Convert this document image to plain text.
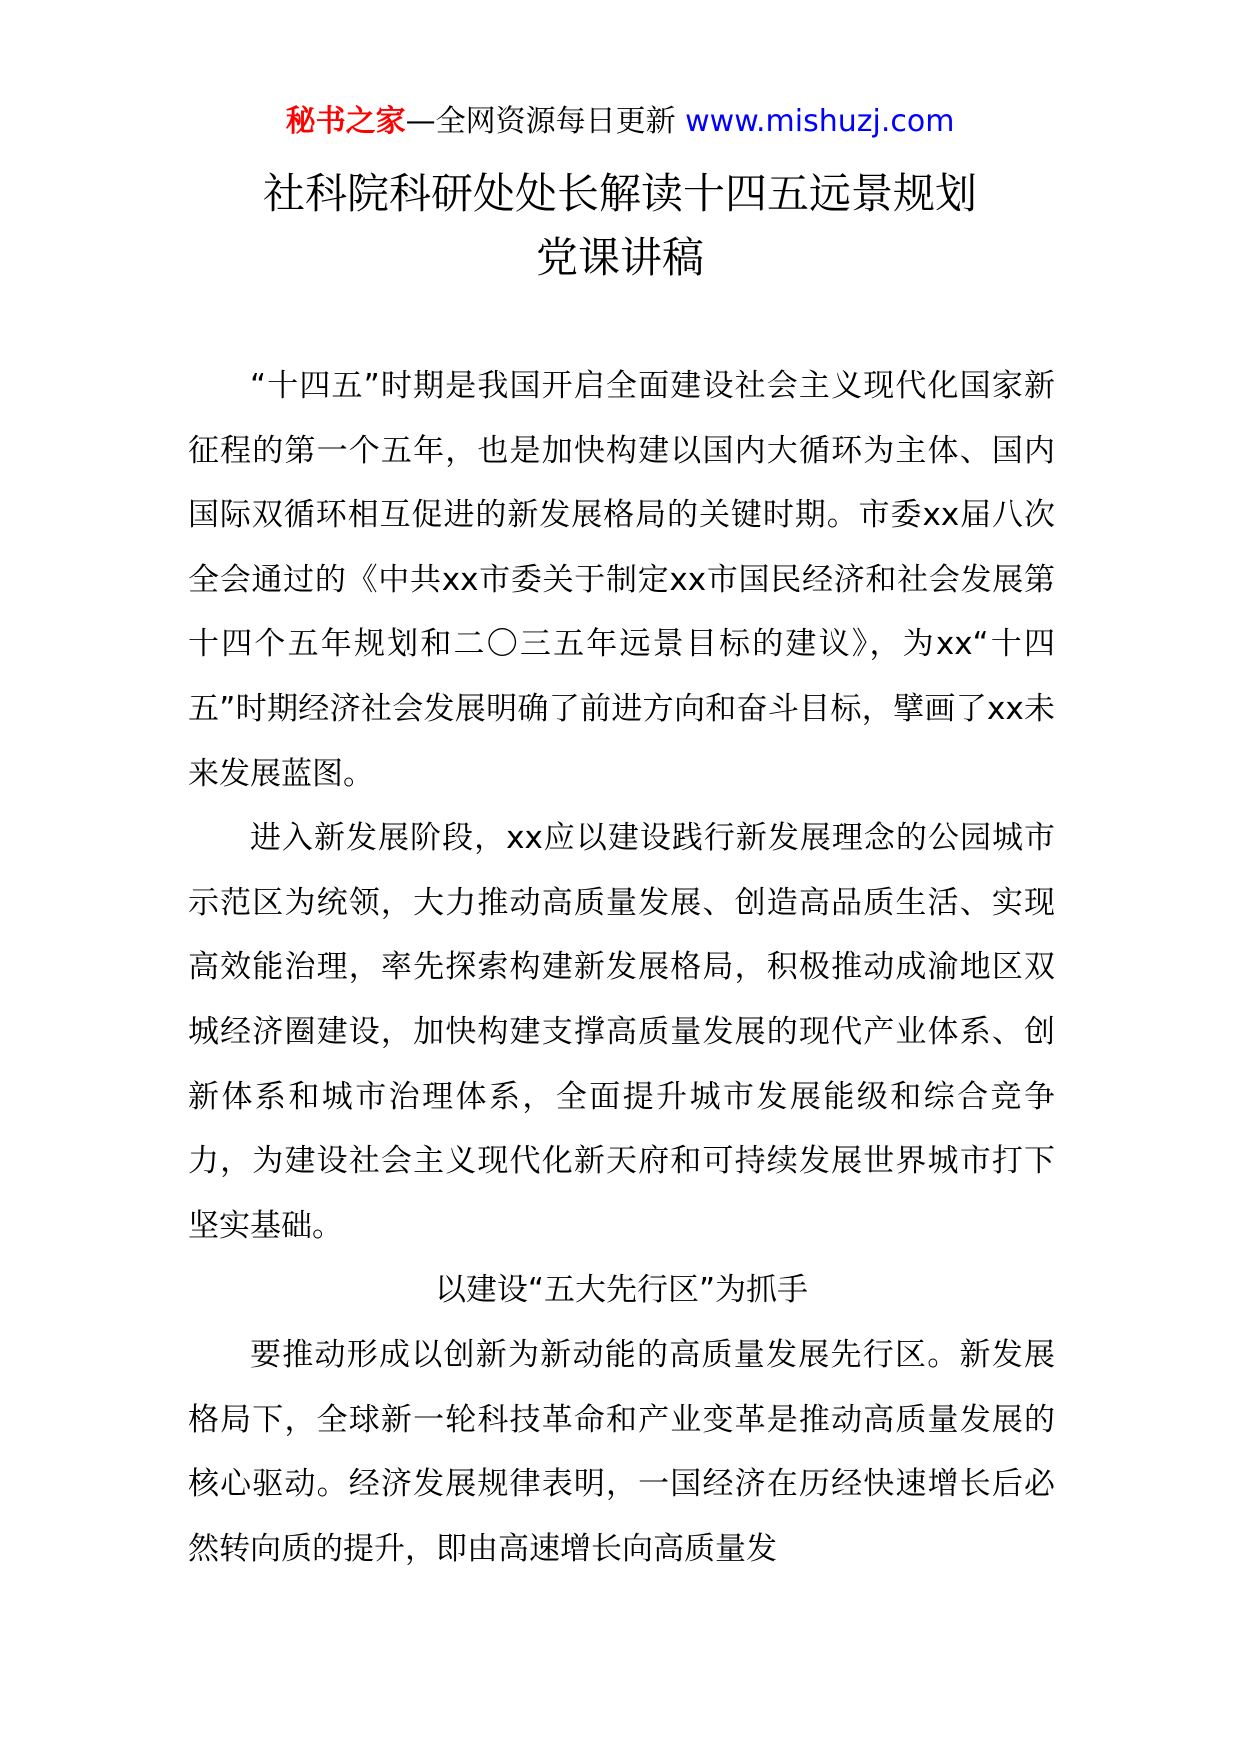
秘书之家—全网资源每日更新 www.mishuzj.com
社科院科研处处长解读十四五远景规划
党课讲稿

“十四五”时期是我国开启全面建设社会主义现代化国家新征程的第一个五年，也是加快构建以国内大循环为主体、国内国际双循环相互促进的新发展格局的关键时期。市委xx届八次全会通过的《中共xx市委关于制定xx市国民经济和社会发展第十四个五年规划和二〇三五年远景目标的建议》，为xx“十四五”时期经济社会发展明确了前进方向和奋斗目标，擘画了xx未来发展蓝图。

进入新发展阶段，xx应以建设践行新发展理念的公园城市示范区为统领，大力推动高质量发展、创造高品质生活、实现高效能治理，率先探索构建新发展格局，积极推动成渝地区双城经济圈建设，加快构建支撑高质量发展的现代产业体系、创新体系和城市治理体系，全面提升城市发展能级和综合竞争力，为建设社会主义现代化新天府和可持续发展世界城市打下坚实基础。

以建设“五大先行区”为抓手

要推动形成以创新为新动能的高质量发展先行区。新发展格局下，全球新一轮科技革命和产业变革是推动高质量发展的核心驱动。经济发展规律表明，一国经济在历经快速增长后必然转向质的提升，即由高速增长向高质量发
